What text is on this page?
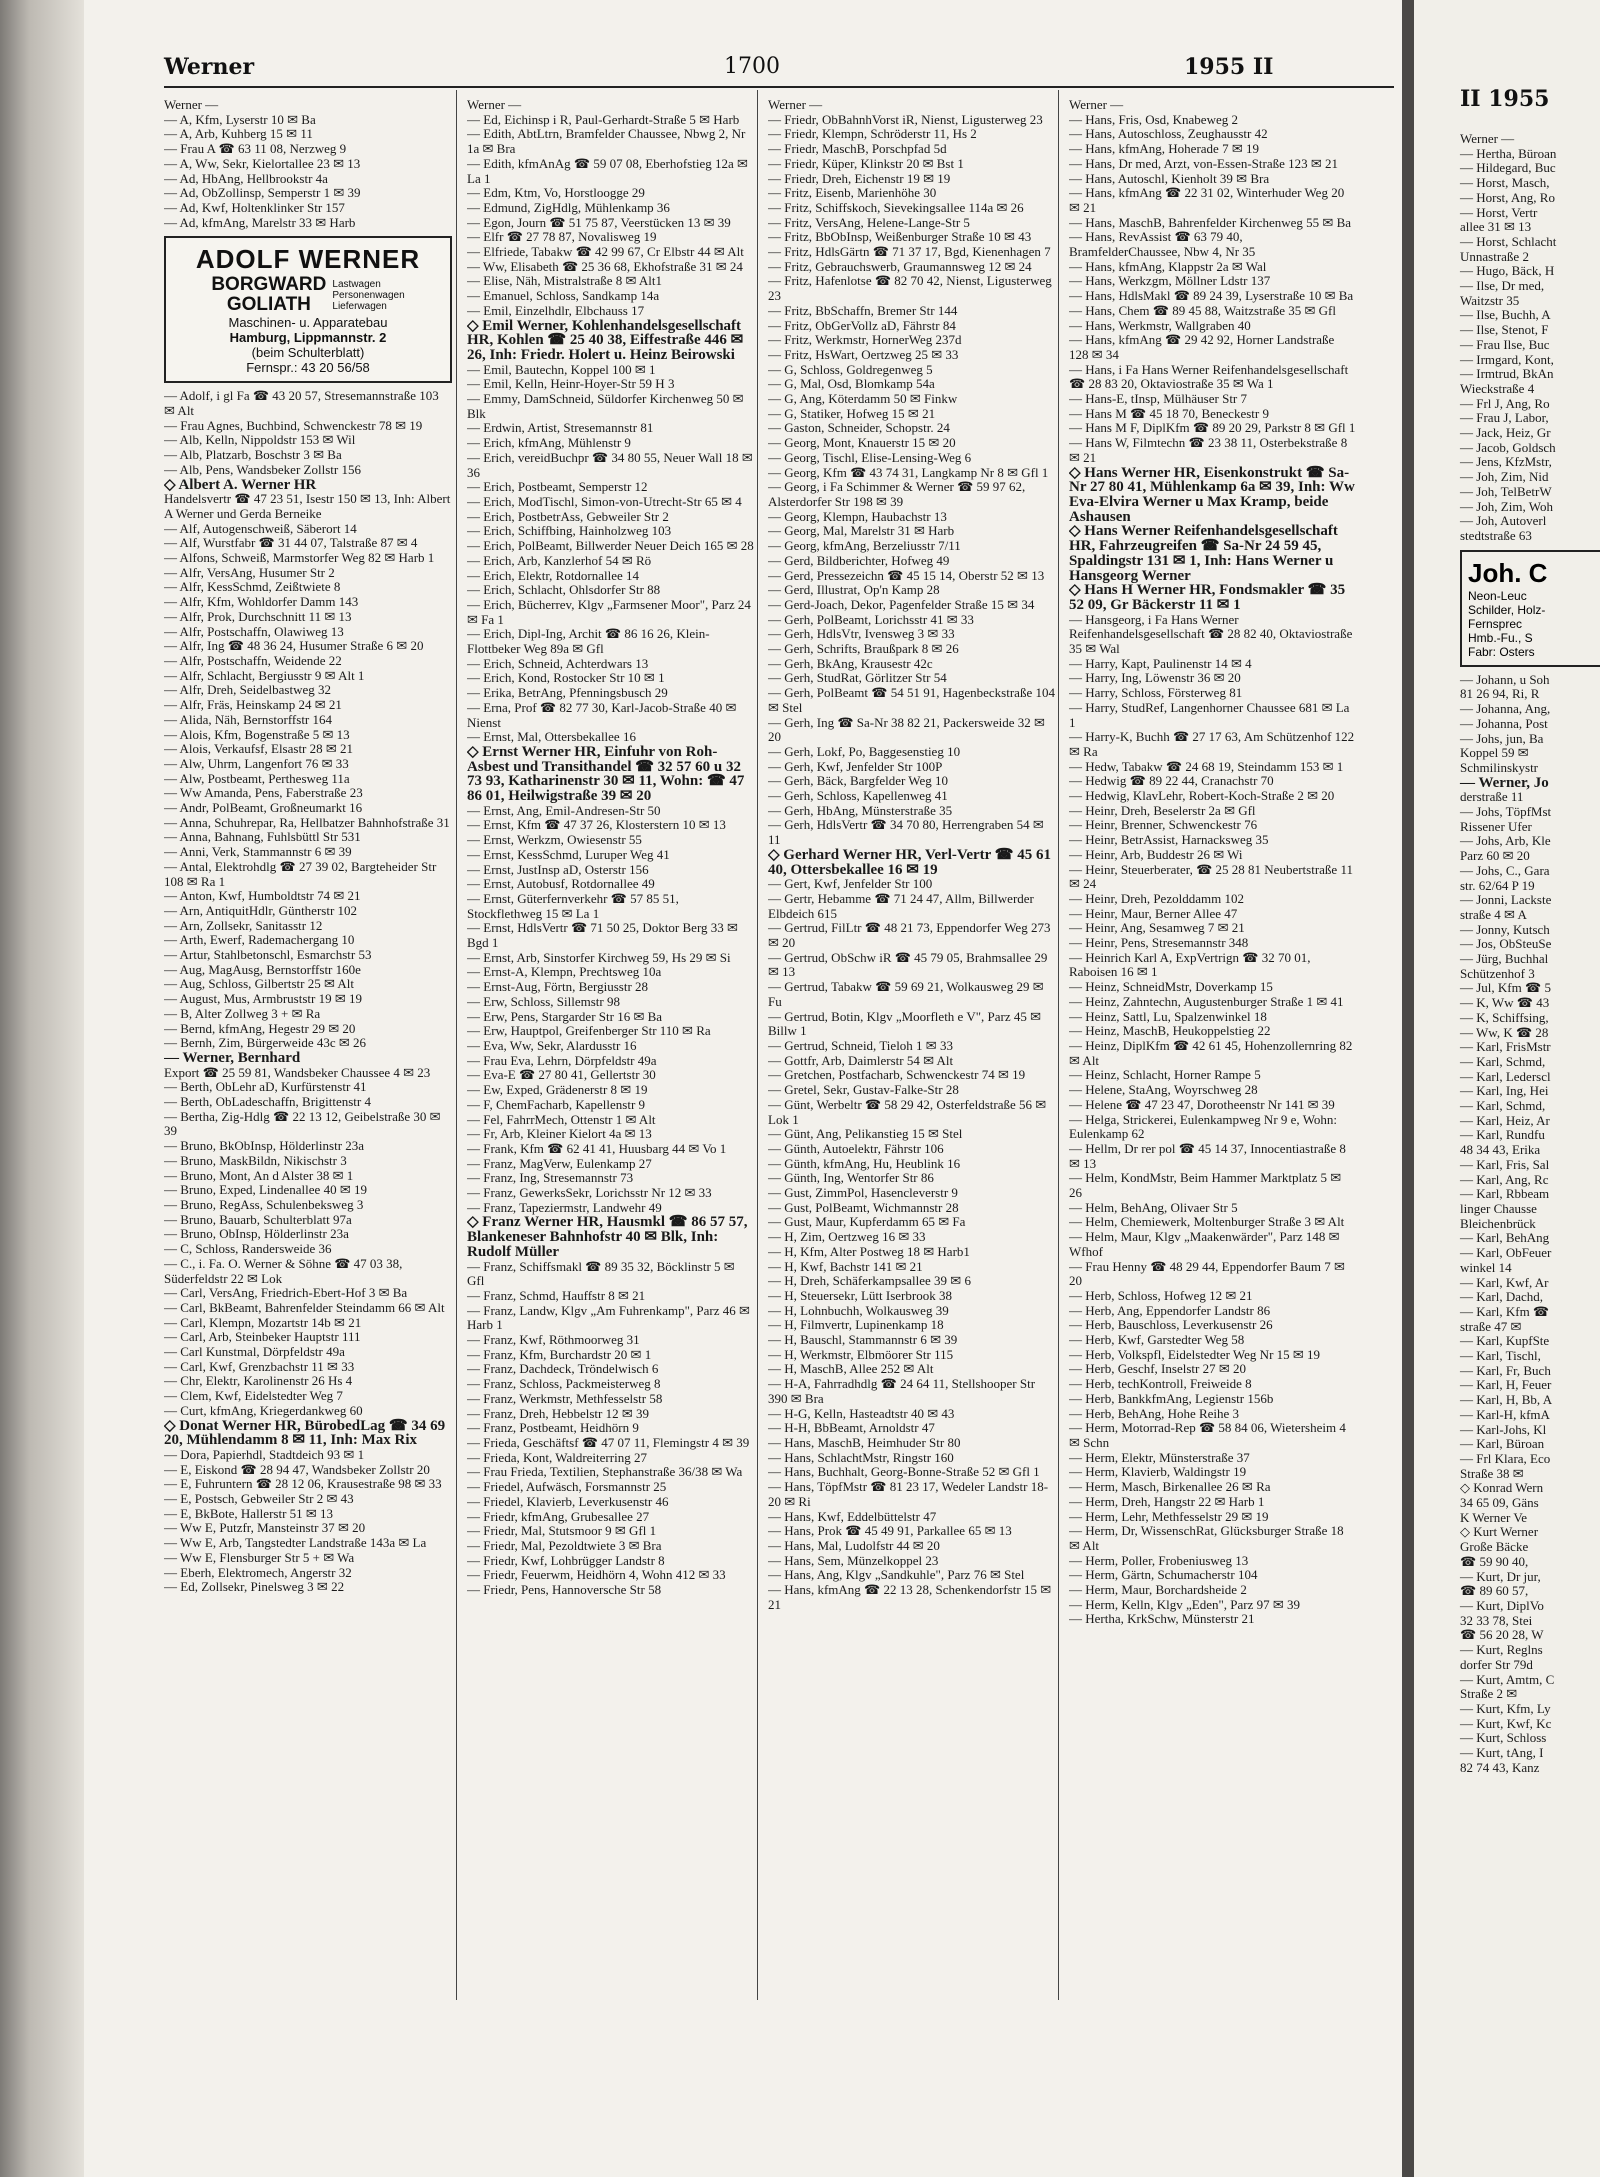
Werner	1700	1955 II

Werner —

— A, Kfm, Lyserstr 10 ✉ Ba

— A, Arb, Kuhberg 15 ✉ 11

— Frau A ☎ 63 11 08, Nerzweg 9

— A, Ww, Sekr, Kielortallee 23 ✉ 13

— Ad, HbAng, Hellbrookstr 4a

— Ad, ObZollinsp, Semperstr 1 ✉ 39

— Ad, Kwf, Holtenklinker Str 157

— Ad, kfmAng, Marelstr 33 ✉ Harb

ADOLF WERNER
BORGWARD
GOLIATH
Lastwagen
Personenwagen
Lieferwagen
Maschinen- u. Apparatebau
Hamburg, Lippmannstr. 2
(beim Schulterblatt)
Fernspr.: 43 20 56/58

— Adolf, i gl Fa ☎ 43 20 57, Stresemannstraße 103 ✉ Alt

— Frau Agnes, Buchbind, Schwenckestr 78 ✉ 19

— Alb, Kelln, Nippoldstr 153 ✉ Wil

— Alb, Platzarb, Boschstr 3 ✉ Ba

— Alb, Pens, Wandsbeker Zollstr 156

◇ Albert A. Werner HR

Handelsvertr ☎ 47 23 51, Isestr 150 ✉ 13, Inh: Albert A Werner und Gerda Berneike

— Alf, Autogenschweiß, Säberort 14

— Alf, Wurstfabr ☎ 31 44 07, Talstraße 87 ✉ 4

— Alfons, Schweiß, Marmstorfer Weg 82 ✉ Harb 1

— Alfr, VersAng, Husumer Str 2

— Alfr, KessSchmd, Zeißtwiete 8

— Alfr, Kfm, Wohldorfer Damm 143

— Alfr, Prok, Durchschnitt 11 ✉ 13

— Alfr, Postschaffn, Olawiweg 13

— Alfr, Ing ☎ 48 36 24, Husumer Straße 6 ✉ 20

— Alfr, Postschaffn, Weidende 22

— Alfr, Schlacht, Bergiusstr 9 ✉ Alt 1

— Alfr, Dreh, Seidelbastweg 32

— Alfr, Fräs, Heinskamp 24 ✉ 21

— Alida, Näh, Bernstorffstr 164

— Alois, Kfm, Bogenstraße 5 ✉ 13

— Alois, Verkaufsf, Elsastr 28 ✉ 21

— Alw, Uhrm, Langenfort 76 ✉ 33

— Alw, Postbeamt, Perthesweg 11a

— Ww Amanda, Pens, Faberstraße 23

— Andr, PolBeamt, Großneumarkt 16

— Anna, Schuhrepar, Ra, Hellbatzer Bahnhofstraße 31

— Anna, Bahnang, Fuhlsbüttl Str 531

— Anni, Verk, Stammannstr 6 ✉ 39

— Antal, Elektrohdlg ☎ 27 39 02, Bargteheider Str 108 ✉ Ra 1

— Anton, Kwf, Humboldtstr 74 ✉ 21

— Arn, AntiquitHdlr, Güntherstr 102

— Arn, Zollsekr, Sanitasstr 12

— Arth, Ewerf, Rademachergang 10

— Artur, Stahlbetonschl, Esmarchstr 53

— Aug, MagAusg, Bernstorffstr 160e

— Aug, Schloss, Gilbertstr 25 ✉ Alt

— August, Mus, Armbruststr 19 ✉ 19

— B, Alter Zollweg 3 + ✉ Ra

— Bernd, kfmAng, Hegestr 29 ✉ 20

— Bernh, Zim, Bürgerweide 43c ✉ 26

— Werner, Bernhard

Export ☎ 25 59 81, Wandsbeker Chaussee 4 ✉ 23

— Berth, ObLehr aD, Kurfürstenstr 41

— Berth, ObLadeschaffn, Brigittenstr 4

— Bertha, Zig-Hdlg ☎ 22 13 12, Geibelstraße 30 ✉ 39

— Bruno, BkObInsp, Hölderlinstr 23a

— Bruno, MaskBildn, Nikischstr 3

— Bruno, Mont, An d Alster 38 ✉ 1

— Bruno, Exped, Lindenallee 40 ✉ 19

— Bruno, RegAss, Schulenbeksweg 3

— Bruno, Bauarb, Schulterblatt 97a

— Bruno, ObInsp, Hölderlinstr 23a

— C, Schloss, Randersweide 36

— C., i. Fa. O. Werner & Söhne ☎ 47 03 38, Süderfeldstr 22 ✉ Lok

— Carl, VersAng, Friedrich-Ebert-Hof 3 ✉ Ba

— Carl, BkBeamt, Bahrenfelder Steindamm 66 ✉ Alt

— Carl, Klempn, Mozartstr 14b ✉ 21

— Carl, Arb, Steinbeker Hauptstr 111

— Carl Kunstmal, Dörpfeldstr 49a

— Carl, Kwf, Grenzbachstr 11 ✉ 33

— Chr, Elektr, Karolinenstr 26 Hs 4

— Clem, Kwf, Eidelstedter Weg 7

— Curt, kfmAng, Kriegerdankweg 60

◇ Donat Werner HR, BürobedLag ☎ 34 69 20, Mühlendamm 8 ✉ 11, Inh: Max Rix

— Dora, Papierhdl, Stadtdeich 93 ✉ 1

— E, Eiskond ☎ 28 94 47, Wandsbeker Zollstr 20

— E, Fuhruntern ☎ 28 12 06, Krausestraße 98 ✉ 33

— E, Postsch, Gebweiler Str 2 ✉ 43

— E, BkBote, Hallerstr 51 ✉ 13

— Ww E, Putzfr, Mansteinstr 37 ✉ 20

— Ww E, Arb, Tangstedter Landstraße 143a ✉ La

— Ww E, Flensburger Str 5 + ✉ Wa

— Eberh, Elektromech, Angerstr 32

— Ed, Zollsekr, Pinelsweg 3 ✉ 22

Werner —

— Ed, Eichinsp i R, Paul-Gerhardt-Straße 5 ✉ Harb

— Edith, AbtLtrn, Bramfelder Chaussee, Nbwg 2, Nr 1a ✉ Bra

— Edith, kfmAnAg ☎ 59 07 08, Eberhofstieg 12a ✉ La 1

— Edm, Ktm, Vo, Horstloogge 29

— Edmund, ZigHdlg, Mühlenkamp 36

— Egon, Journ ☎ 51 75 87, Veerstücken 13 ✉ 39

— Elfr ☎ 27 78 87, Novalisweg 19

— Elfriede, Tabakw ☎ 42 99 67, Cr Elbstr 44 ✉ Alt

— Ww, Elisabeth ☎ 25 36 68, Ekhofstraße 31 ✉ 24

— Elise, Näh, Mistralstraße 8 ✉ Alt1

— Emanuel, Schloss, Sandkamp 14a

— Emil, Einzelhdlr, Elbchauss 17

◇ Emil Werner, Kohlenhandelsgesellschaft HR, Kohlen ☎ 25 40 38, Eiffestraße 446 ✉ 26, Inh: Friedr. Holert u. Heinz Beirowski

— Emil, Bautechn, Koppel 100 ✉ 1

— Emil, Kelln, Heinr-Hoyer-Str 59 H 3

— Emmy, DamSchneid, Süldorfer Kirchenweg 50 ✉ Blk

— Erdwin, Artist, Stresemannstr 81

— Erich, kfmAng, Mühlenstr 9

— Erich, vereidBuchpr ☎ 34 80 55, Neuer Wall 18 ✉ 36

— Erich, Postbeamt, Semperstr 12

— Erich, ModTischl, Simon-von-Utrecht-Str 65 ✉ 4

— Erich, PostbetrAss, Gebweiler Str 2

— Erich, Schiffbing, Hainholzweg 103

— Erich, PolBeamt, Billwerder Neuer Deich 165 ✉ 28

— Erich, Arb, Kanzlerhof 54 ✉ Rö

— Erich, Elektr, Rotdornallee 14

— Erich, Schlacht, Ohlsdorfer Str 88

— Erich, Bücherrev, Klgv „Farmsener Moor", Parz 24 ✉ Fa 1

— Erich, Dipl-Ing, Archit ☎ 86 16 26, Klein-Flottbeker Weg 89a ✉ Gfl

— Erich, Schneid, Achterdwars 13

— Erich, Kond, Rostocker Str 10 ✉ 1

— Erika, BetrAng, Pfenningsbusch 29

— Erna, Prof ☎ 82 77 30, Karl-Jacob-Straße 40 ✉ Nienst

— Ernst, Mal, Ottersbekallee 16

◇ Ernst Werner HR, Einfuhr von Roh-Asbest und Transithandel ☎ 32 57 60 u 32 73 93, Katharinenstr 30 ✉ 11, Wohn: ☎ 47 86 01, Heilwigstraße 39 ✉ 20

— Ernst, Ang, Emil-Andresen-Str 50

— Ernst, Kfm ☎ 47 37 26, Klosterstern 10 ✉ 13

— Ernst, Werkzm, Owiesenstr 55

— Ernst, KessSchmd, Luruper Weg 41

— Ernst, JustInsp aD, Osterstr 156

— Ernst, Autobusf, Rotdornallee 49

— Ernst, Güterfernverkehr ☎ 57 85 51, Stockflethweg 15 ✉ La 1

— Ernst, HdlsVertr ☎ 71 50 25, Doktor Berg 33 ✉ Bgd 1

— Ernst, Arb, Sinstorfer Kirchweg 59, Hs 29 ✉ Si

— Ernst-A, Klempn, Prechtsweg 10a

— Ernst-Aug, Förtn, Bergiusstr 28

— Erw, Schloss, Sillemstr 98

— Erw, Pens, Stargarder Str 16 ✉ Ba

— Erw, Hauptpol, Greifenberger Str 110 ✉ Ra

— Eva, Ww, Sekr, Alardusstr 16

— Frau Eva, Lehrn, Dörpfeldstr 49a

— Eva-E ☎ 27 80 41, Gellertstr 30

— Ew, Exped, Grädenerstr 8 ✉ 19

— F, ChemFacharb, Kapellenstr 9

— Fel, FahrrMech, Ottenstr 1 ✉ Alt

— Fr, Arb, Kleiner Kielort 4a ✉ 13

— Frank, Kfm ☎ 62 41 41, Huusbarg 44 ✉ Vo 1

— Franz, MagVerw, Eulenkamp 27

— Franz, Ing, Stresemannstr 73

— Franz, GewerksSekr, Lorichsstr Nr 12 ✉ 33

— Franz, Tapeziermstr, Landwehr 49

◇ Franz Werner HR, Hausmkl ☎ 86 57 57, Blankeneser Bahnhofstr 40 ✉ Blk, Inh: Rudolf Müller

— Franz, Schiffsmakl ☎ 89 35 32, Böcklinstr 5 ✉ Gfl

— Franz, Schmd, Hauffstr 8 ✉ 21

— Franz, Landw, Klgv „Am Fuhrenkamp", Parz 46 ✉ Harb 1

— Franz, Kwf, Röthmoorweg 31

— Franz, Kfm, Burchardstr 20 ✉ 1

— Franz, Dachdeck, Tröndelwisch 6

— Franz, Schloss, Packmeisterweg 8

— Franz, Werkmstr, Methfesselstr 58

— Franz, Dreh, Hebbelstr 12 ✉ 39

— Franz, Postbeamt, Heidhörn 9

— Frieda, Geschäftsf ☎ 47 07 11, Flemingstr 4 ✉ 39

— Frieda, Kont, Waldreiterring 27

— Frau Frieda, Textilien, Stephanstraße 36/38 ✉ Wa

— Friedel, Aufwäsch, Forsmannstr 25

— Friedel, Klavierb, Leverkusenstr 46

— Friedr, kfmAng, Grubesallee 27

— Friedr, Mal, Stutsmoor 9 ✉ Gfl 1

— Friedr, Mal, Pezoldtwiete 3 ✉ Bra

— Friedr, Kwf, Lohbrügger Landstr 8

— Friedr, Feuerwm, Heidhörn 4, Wohn 412 ✉ 33

— Friedr, Pens, Hannoversche Str 58

Werner —

— Friedr, ObBahnhVorst iR, Nienst, Ligusterweg 23

— Friedr, Klempn, Schröderstr 11, Hs 2

— Friedr, MaschB, Porschpfad 5d

— Friedr, Küper, Klinkstr 20 ✉ Bst 1

— Friedr, Dreh, Eichenstr 19 ✉ 19

— Fritz, Eisenb, Marienhöhe 30

— Fritz, Schiffskoch, Sievekingsallee 114a ✉ 26

— Fritz, VersAng, Helene-Lange-Str 5

— Fritz, BbObInsp, Weißenburger Straße 10 ✉ 43

— Fritz, HdlsGärtn ☎ 71 37 17, Bgd, Kienenhagen 7

— Fritz, Gebrauchswerb, Graumannsweg 12 ✉ 24

— Fritz, Hafenlotse ☎ 82 70 42, Nienst, Ligusterweg 23

— Fritz, BbSchaffn, Bremer Str 144

— Fritz, ObGerVollz aD, Fährstr 84

— Fritz, Werkmstr, HornerWeg 237d

— Fritz, HsWart, Oertzweg 25 ✉ 33

— G, Schloss, Goldregenweg 5

— G, Mal, Osd, Blomkamp 54a

— G, Ang, Köterdamm 50 ✉ Finkw

— G, Statiker, Hofweg 15 ✉ 21

— Gaston, Schneider, Schopstr. 24

— Georg, Mont, Knauerstr 15 ✉ 20

— Georg, Tischl, Elise-Lensing-Weg 6

— Georg, Kfm ☎ 43 74 31, Langkamp Nr 8 ✉ Gfl 1

— Georg, i Fa Schimmer & Werner ☎ 59 97 62, Alsterdorfer Str 198 ✉ 39

— Georg, Klempn, Haubachstr 13

— Georg, Mal, Marelstr 31 ✉ Harb

— Georg, kfmAng, Berzeliusstr 7/11

— Gerd, Bildberichter, Hofweg 49

— Gerd, Pressezeichn ☎ 45 15 14, Oberstr 52 ✉ 13

— Gerd, Illustrat, Op'n Kamp 28

— Gerd-Joach, Dekor, Pagenfelder Straße 15 ✉ 34

— Gerh, PolBeamt, Lorichsstr 41 ✉ 33

— Gerh, HdlsVtr, Ivensweg 3 ✉ 33

— Gerh, Schrifts, Braußpark 8 ✉ 26

— Gerh, BkAng, Krausestr 42c

— Gerh, StudRat, Görlitzer Str 54

— Gerh, PolBeamt ☎ 54 51 91, Hagenbeckstraße 104 ✉ Stel

— Gerh, Ing ☎ Sa-Nr 38 82 21, Packersweide 32 ✉ 20

— Gerh, Lokf, Po, Baggesenstieg 10

— Gerh, Kwf, Jenfelder Str 100P

— Gerh, Bäck, Bargfelder Weg 10

— Gerh, Schloss, Kapellenweg 41

— Gerh, HbAng, Münsterstraße 35

— Gerh, HdlsVertr ☎ 34 70 80, Herrengraben 54 ✉ 11

◇ Gerhard Werner HR, Verl-Vertr ☎ 45 61 40, Ottersbekallee 16 ✉ 19

— Gert, Kwf, Jenfelder Str 100

— Gertr, Hebamme ☎ 71 24 47, Allm, Billwerder Elbdeich 615

— Gertrud, FilLtr ☎ 48 21 73, Eppendorfer Weg 273 ✉ 20

— Gertrud, ObSchw iR ☎ 45 79 05, Brahmsallee 29 ✉ 13

— Gertrud, Tabakw ☎ 59 69 21, Wolkausweg 29 ✉ Fu

— Gertrud, Botin, Klgv „Moorfleth e V", Parz 45 ✉ Billw 1

— Gertrud, Schneid, Tieloh 1 ✉ 33

— Gottfr, Arb, Daimlerstr 54 ✉ Alt

— Gretchen, Postfacharb, Schwenckestr 74 ✉ 19

— Gretel, Sekr, Gustav-Falke-Str 28

— Günt, Werbeltr ☎ 58 29 42, Osterfeldstraße 56 ✉ Lok 1

— Günt, Ang, Pelikanstieg 15 ✉ Stel

— Günth, Autoelektr, Fährstr 106

— Günth, kfmAng, Hu, Heublink 16

— Günth, Ing, Wentorfer Str 86

— Gust, ZimmPol, Hasencleverstr 9

— Gust, PolBeamt, Wichmannstr 28

— Gust, Maur, Kupferdamm 65 ✉ Fa

— H, Zim, Oertzweg 16 ✉ 33

— H, Kfm, Alter Postweg 18 ✉ Harb1

— H, Kwf, Bachstr 141 ✉ 21

— H, Dreh, Schäferkampsallee 39 ✉ 6

— H, Steuersekr, Lütt Iserbrook 38

— H, Lohnbuchh, Wolkausweg 39

— H, Filmvertr, Lupinenkamp 18

— H, Bauschl, Stammannstr 6 ✉ 39

— H, Werkmstr, Elbmöorer Str 115

— H, MaschB, Allee 252 ✉ Alt

— H-A, Fahrradhdlg ☎ 24 64 11, Stellshooper Str 390 ✉ Bra

— H-G, Kelln, Hasteadtstr 40 ✉ 43

— H-H, BbBeamt, Arnoldstr 47

— Hans, MaschB, Heimhuder Str 80

— Hans, SchlachtMstr, Ringstr 160

— Hans, Buchhalt, Georg-Bonne-Straße 52 ✉ Gfl 1

— Hans, TöpfMstr ☎ 81 23 17, Wedeler Landstr 18-20 ✉ Ri

— Hans, Kwf, Eddelbüttelstr 47

— Hans, Prok ☎ 45 49 91, Parkallee 65 ✉ 13

— Hans, Mal, Ludolfstr 44 ✉ 20

— Hans, Sem, Münzelkoppel 23

— Hans, Ang, Klgv „Sandkuhle", Parz 76 ✉ Stel

— Hans, kfmAng ☎ 22 13 28, Schenkendorfstr 15 ✉ 21

Werner —

— Hans, Fris, Osd, Knabeweg 2

— Hans, Autoschloss, Zeughausstr 42

— Hans, kfmAng, Hoheradе 7 ✉ 19

— Hans, Dr med, Arzt, von-Essen-Straße 123 ✉ 21

— Hans, Autoschl, Kienholt 39 ✉ Bra

— Hans, kfmAng ☎ 22 31 02, Winterhuder Weg 20 ✉ 21

— Hans, MaschB, Bahrenfelder Kirchenweg 55 ✉ Ba

— Hans, RevAssist ☎ 63 79 40, BramfelderChaussee, Nbw 4, Nr 35

— Hans, kfmAng, Klappstr 2a ✉ Wal

— Hans, Werkzgm, Möllner Ldstr 137

— Hans, HdlsMakl ☎ 89 24 39, Lyserstraße 10 ✉ Ba

— Hans, Chem ☎ 89 45 88, Waitzstraße 35 ✉ Gfl

— Hans, Werkmstr, Wallgraben 40

— Hans, kfmAng ☎ 29 42 92, Horner Landstraße 128 ✉ 34

— Hans, i Fa Hans Werner Reifenhandelsgesellschaft ☎ 28 83 20, Oktaviostraße 35 ✉ Wa 1

— Hans-E, tInsp, Mülhäuser Str 7

— Hans M ☎ 45 18 70, Beneckestr 9

— Hans M F, DiplKfm ☎ 89 20 29, Parkstr 8 ✉ Gfl 1

— Hans W, Filmtechn ☎ 23 38 11, Osterbekstraße 8 ✉ 21

◇ Hans Werner HR, Eisenkonstrukt ☎ Sa-Nr 27 80 41, Mühlenkamp 6a ✉ 39, Inh: Ww Eva-Elvira Werner u Max Kramp, beide Ashausen

◇ Hans Werner Reifenhandelsgesellschaft HR, Fahrzeugreifen ☎ Sa-Nr 24 59 45, Spaldingstr 131 ✉ 1, Inh: Hans Werner u Hansgeorg Werner

◇ Hans H Werner HR, Fondsmakler ☎ 35 52 09, Gr Bäckerstr 11 ✉ 1

— Hansgeorg, i Fa Hans Werner Reifenhandelsgesellschaft ☎ 28 82 40, Oktaviostraße 35 ✉ Wal

— Harry, Kapt, Paulinenstr 14 ✉ 4

— Harry, Ing, Löwenstr 36 ✉ 20

— Harry, Schloss, Försterweg 81

— Harry, StudRef, Langenhorner Chaussee 681 ✉ La 1

— Harry-K, Buchh ☎ 27 17 63, Am Schützenhof 122 ✉ Ra

— Hedw, Tabakw ☎ 24 68 19, Steindamm 153 ✉ 1

— Hedwig ☎ 89 22 44, Cranachstr 70

— Hedwig, KlavLehr, Robert-Koch-Straße 2 ✉ 20

— Heinr, Dreh, Beselerstr 2a ✉ Gfl

— Heinr, Brenner, Schwenckestr 76

— Heinr, BetrAssist, Harnacksweg 35

— Heinr, Arb, Buddestr 26 ✉ Wi

— Heinr, Steuerberater, ☎ 25 28 81 Neubertstraße 11 ✉ 24

— Heinr, Dreh, Pezolddamm 102

— Heinr, Maur, Berner Allee 47

— Heinr, Ang, Sesamweg 7 ✉ 21

— Heinr, Pens, Stresemannstr 348

— Heinrich Karl A, ExpVertrign ☎ 32 70 01, Raboisen 16 ✉ 1

— Heinz, SchneidMstr, Doverkamp 15

— Heinz, Zahntechn, Augustenburger Straße 1 ✉ 41

— Heinz, Sattl, Lu, Spalzenwinkel 18

— Heinz, MaschB, Heukoppelstieg 22

— Heinz, DiplKfm ☎ 42 61 45, Hohenzollernring 82 ✉ Alt

— Heinz, Schlacht, Horner Rampe 5

— Helene, StaAng, Woyrschweg 28

— Helene ☎ 47 23 47, Dorotheenstr Nr 141 ✉ 39

— Helga, Strickerei, Eulenkampweg Nr 9 e, Wohn: Eulenkamp 62

— Hellm, Dr rer pol ☎ 45 14 37, Innocentiastraße 8 ✉ 13

— Helm, KondMstr, Beim Hammer Marktplatz 5 ✉ 26

— Helm, BehAng, Olivaer Str 5

— Helm, Chemiewerk, Moltenburger Straße 3 ✉ Alt

— Helm, Maur, Klgv „Maakenwärder", Parz 148 ✉ Wfhof

— Frau Henny ☎ 48 29 44, Eppendorfer Baum 7 ✉ 20

— Herb, Schloss, Hofweg 12 ✉ 21

— Herb, Ang, Eppendorfer Landstr 86

— Herb, Bauschloss, Leverkusenstr 26

— Herb, Kwf, Garstedter Weg 58

— Herb, Volkspfl, Eidelstedter Weg Nr 15 ✉ 19

— Herb, Geschf, Inselstr 27 ✉ 20

— Herb, techKontroll, Freiweide 8

— Herb, BankkfmAng, Legienstr 156b

— Herb, BehAng, Hohe Reihe 3

— Herm, Motorrad-Rep ☎ 58 84 06, Wietersheim 4 ✉ Schn

— Herm, Elektr, Münsterstraße 37

— Herm, Klavierb, Waldingstr 19

— Herm, Masch, Birkenallee 26 ✉ Ra

— Herm, Dreh, Hangstr 22 ✉ Harb 1

— Herm, Lehr, Methfesselstr 29 ✉ 19

— Herm, Dr, WissenschRat, Glücksburger Straße 18 ✉ Alt

— Herm, Poller, Frobeniusweg 13

— Herm, Gärtn, Schumacherstr 104

— Herm, Maur, Borchardsheide 2

— Herm, Kelln, Klgv „Eden", Parz 97 ✉ 39

— Hertha, KrkSchw, Münsterstr 21

II 1955

Werner —

— Hertha, Büroan

— Hildegard, Buc

— Horst, Masch,

— Horst, Ang, Ro

— Horst, Vertr

allee 31 ✉ 13

— Horst, Schlacht

Unnastraße 2

— Hugo, Bäck, H

— Ilse, Dr med,

Waitzstr 35

— Ilse, Buchh, A

— Ilse, Stenot, F

— Frau Ilse, Buc

— Irmgard, Kont,

— Irmtrud, BkAn

Wieckstraße 4

— Frl J, Ang, Ro

— Frau J, Labor,

— Jack, Heiz, Gr

— Jacob, Goldsch

— Jens, KfzMstr,

— Joh, Zim, Nid

— Joh, TelBetrW

— Joh, Zim, Woh

— Joh, Autoverl

stedtstraße 63

Joh. C
Neon-Leuc
Schilder, Holz-
Fernsprec
Hmb.-Fu., S
Fabr: Osters

— Johann, u Soh

81 26 94, Ri, R

— Johanna, Ang,

— Johanna, Post

— Johs, jun, Ba

Koppel 59 ✉

Schmilinskystr

— Werner, Jo

derstraße 11

— Johs, TöpfMst

Rissener Ufer

— Johs, Arb, Kle

Parz 60 ✉ 20

— Johs, C., Gara

str. 62/64 P 19

— Jonni, Lackste

straße 4 ✉ A

— Jonny, Kutsch

— Jos, ObSteuSe

— Jürg, Buchhal

Schützenhof 3

— Jul, Kfm ☎ 5

— K, Ww ☎ 43

— K, Schiffsing,

— Ww, K ☎ 28

— Karl, FrisMstr

— Karl, Schmd,

— Karl, Lederscl

— Karl, Ing, Hei

— Karl, Schmd,

— Karl, Heiz, Ar

— Karl, Rundfu

48 34 43, Erika

— Karl, Fris, Sal

— Karl, Ang, Rc

— Karl, Rbbeam

linger Chausse

Bleichenbrück

— Karl, BehAng

— Karl, ObFeuer

winkel 14

— Karl, Kwf, Ar

— Karl, Dachd,

— Karl, Kfm ☎

straße 47 ✉

— Karl, KupfSte

— Karl, Tischl,

— Karl, Fr, Buch

— Karl, H, Feuer

— Karl, H, Bb, A

— Karl-H, kfmA

— Karl-Johs, Kl

— Karl, Büroan

— Frl Klara, Eco

Straße 38 ✉

◇ Konrad Wern

34 65 09, Gäns

K Werner Ve

◇ Kurt Werner

Große Bäcke

☎ 59 90 40,

— Kurt, Dr jur,

☎ 89 60 57,

— Kurt, DiplVo

32 33 78, Stei

☎ 56 20 28, W

— Kurt, Reglns

dorfer Str 79d

— Kurt, Amtm, C

Straße 2 ✉

— Kurt, Kfm, Ly

— Kurt, Kwf, Kc

— Kurt, Schloss

— Kurt, tAng, I

82 74 43, Kanz
